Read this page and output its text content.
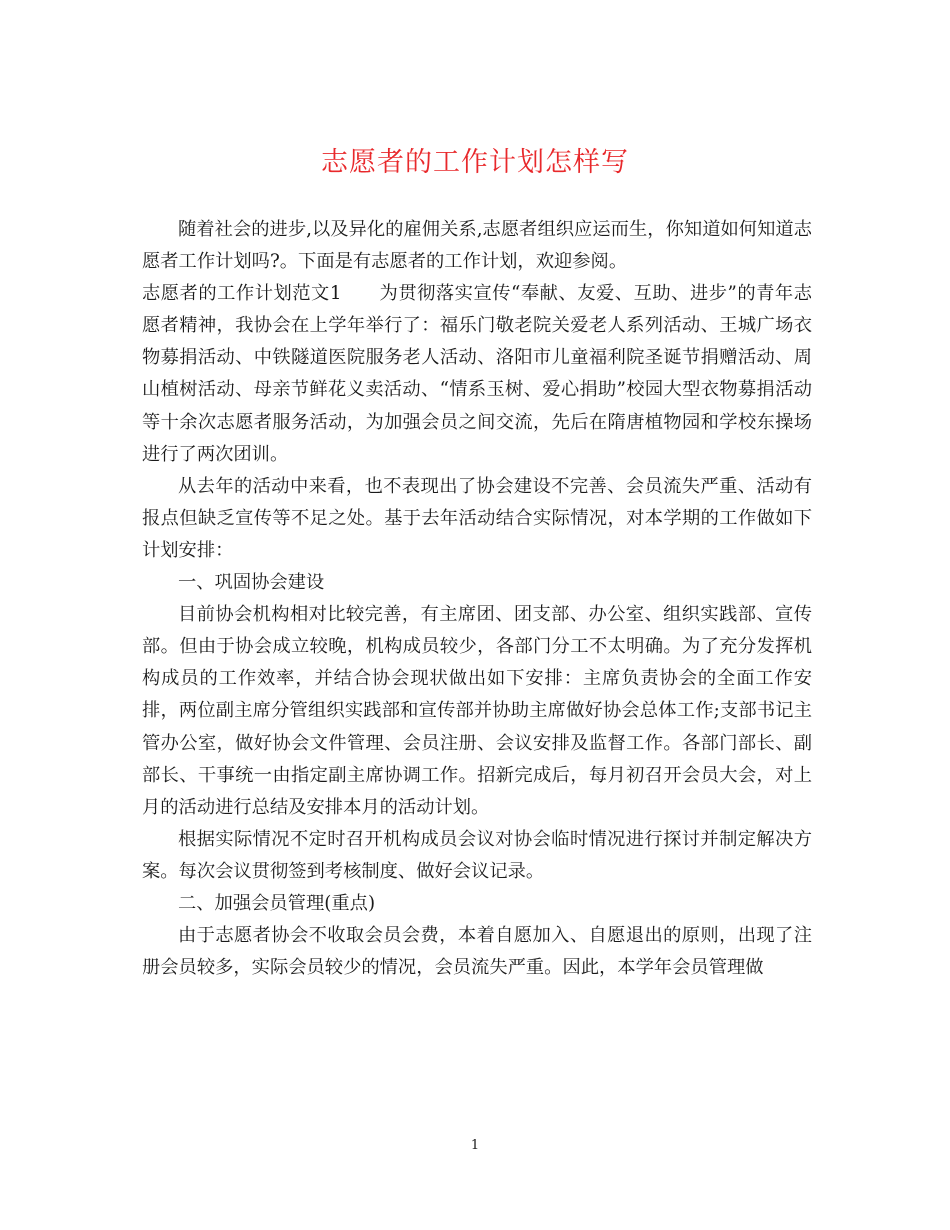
志愿者的工作计划怎样写

随着社会的进步,以及异化的雇佣关系,志愿者组织应运而生，你知道如何知道志愿者工作计划吗?。下面是有志愿者的工作计划，欢迎参阅。

志愿者的工作计划范文1　　为贯彻落实宣传“奉献、友爱、互助、进步”的青年志愿者精神，我协会在上学年举行了：福乐门敬老院关爱老人系列活动、王城广场衣物募捐活动、中铁隧道医院服务老人活动、洛阳市儿童福利院圣诞节捐赠活动、周山植树活动、母亲节鲜花义卖活动、“情系玉树、爱心捐助”校园大型衣物募捐活动等十余次志愿者服务活动，为加强会员之间交流，先后在隋唐植物园和学校东操场进行了两次团训。

从去年的活动中来看，也不表现出了协会建设不完善、会员流失严重、活动有报点但缺乏宣传等不足之处。基于去年活动结合实际情况，对本学期的工作做如下计划安排：

一、巩固协会建设

目前协会机构相对比较完善，有主席团、团支部、办公室、组织实践部、宣传部。但由于协会成立较晚，机构成员较少，各部门分工不太明确。为了充分发挥机构成员的工作效率，并结合协会现状做出如下安排：主席负责协会的全面工作安排，两位副主席分管组织实践部和宣传部并协助主席做好协会总体工作;支部书记主管办公室，做好协会文件管理、会员注册、会议安排及监督工作。各部门部长、副部长、干事统一由指定副主席协调工作。招新完成后，每月初召开会员大会，对上月的活动进行总结及安排本月的活动计划。

根据实际情况不定时召开机构成员会议对协会临时情况进行探讨并制定解决方案。每次会议贯彻签到考核制度、做好会议记录。

二、加强会员管理(重点)

由于志愿者协会不收取会员会费，本着自愿加入、自愿退出的原则，出现了注册会员较多，实际会员较少的情况，会员流失严重。因此，本学年会员管理做

1
